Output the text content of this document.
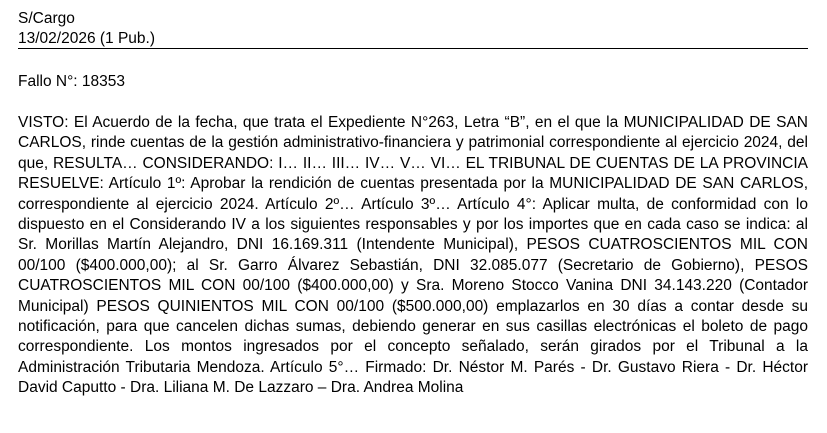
S/Cargo
13/02/2026 (1 Pub.)
Fallo N°: 18353

VISTO: El Acuerdo de la fecha, que trata el Expediente N°263, Letra “B”, en el que la MUNICIPALIDAD DE SAN CARLOS, rinde cuentas de la gestión administrativo-financiera y patrimonial correspondiente al ejercicio 2024, del que, RESULTA… CONSIDERANDO: I… II… III… IV… V… VI… EL TRIBUNAL DE CUENTAS DE LA PROVINCIA RESUELVE: Artículo 1º: Aprobar la rendición de cuentas presentada por la MUNICIPALIDAD DE SAN CARLOS, correspondiente al ejercicio 2024. Artículo 2º… Artículo 3º… Artículo 4°: Aplicar multa, de conformidad con lo dispuesto en el Considerando IV a los siguientes responsables y por los importes que en cada caso se indica: al Sr. Morillas Martín Alejandro, DNI 16.169.311 (Intendente Municipal), PESOS CUATROSCIENTOS MIL CON 00/100 ($400.000,00); al Sr. Garro Álvarez Sebastián, DNI 32.085.077 (Secretario de Gobierno), PESOS CUATROSCIENTOS MIL CON 00/100 ($400.000,00) y Sra. Moreno Stocco Vanina DNI 34.143.220 (Contador Municipal) PESOS QUINIENTOS MIL CON 00/100 ($500.000,00) emplazarlos en 30 días a contar desde su notificación, para que cancelen dichas sumas, debiendo generar en sus casillas electrónicas el boleto de pago correspondiente. Los montos ingresados por el concepto señalado, serán girados por el Tribunal a la Administración Tributaria Mendoza. Artículo 5°… Firmado: Dr. Néstor M. Parés - Dr. Gustavo Riera - Dr. Héctor David Caputto - Dra. Liliana M. De Lazzaro – Dra. Andrea Molina
